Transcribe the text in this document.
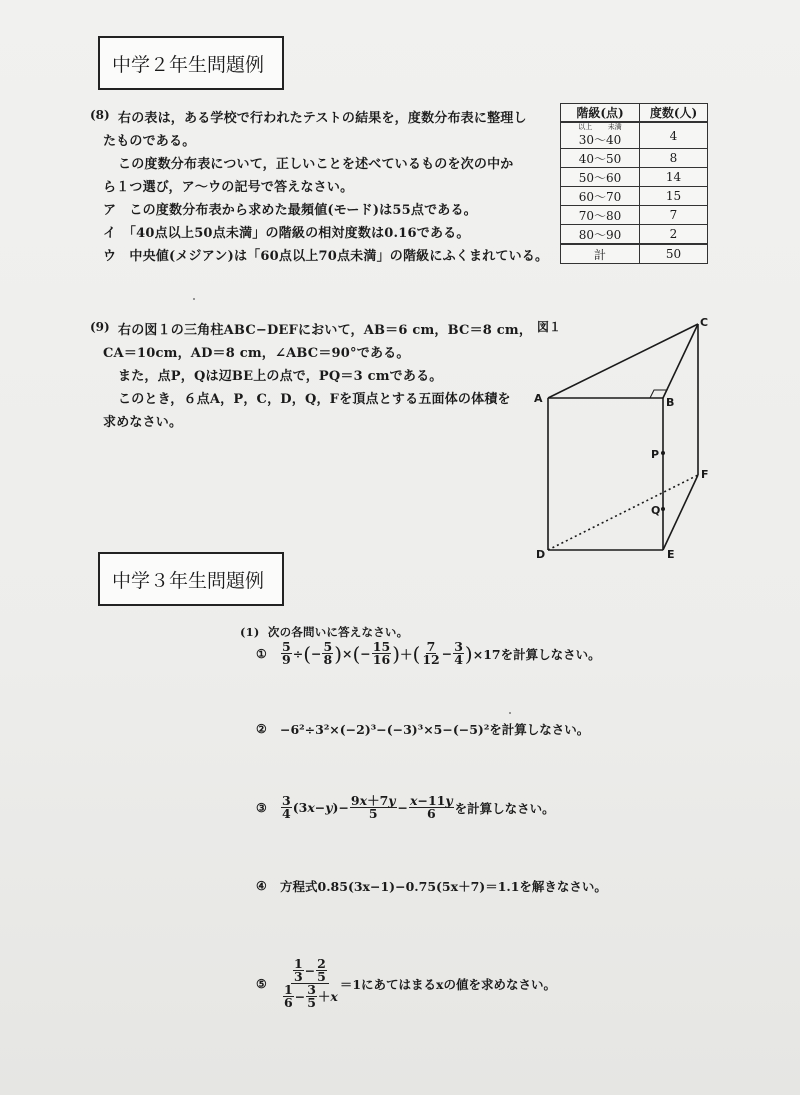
中学２年生問題例
(8) 右の表は，ある学校で行われたテストの結果を，度数分布表に整理し
たものである。
この度数分布表について，正しいことを述べているものを次の中か
ら１つ選び，ア～ウの記号で答えなさい。
ア　この度数分布表から求めた最頻値(モード)は55点である。
イ　「40点以上50点未満」の階級の相対度数は0.16である。
ウ　中央値(メジアン)は「60点以上70点未満」の階級にふくまれている。
階級(点)	度数(人)

以上 未満
30～40	4
40～50	8
50～60	14
60～70	15
70～80	7
80～90	2
計	50
(9) 右の図１の三角柱ABC−DEFにおいて，AB＝6 cm，BC＝8 cm，
CA＝10cm，AD＝8 cm，∠ABC＝90°である。
また，点P，Qは辺BE上の点で，PQ＝3 cmである。
このとき，６点A，P，C，D，Q，Fを頂点とする五面体の体積を
求めなさい。
図１
A	B
C
D	E
F
P
Q
中学３年生問題例
(1) 次の各問いに答えなさい。
①	$\frac{5}{9}$ ÷ ( − $\frac{5}{8}$ ) × ( − $\frac{15}{16}$ ) ＋ ( $\frac{7}{12} - \frac{3}{4}$ ) ×17を計算しなさい。
②	−6²÷3²×(−2)³−(−3)³×5−(−5)²を計算しなさい。
③	$\frac{3}{4} (3x-y)- \frac{9x+7y}{5} - \frac{x-11y}{6}$ を計算しなさい。
④	方程式0.85(3x−1)−0.75(5x＋7)＝1.1を解きなさい。
⑤	$\frac{\frac{1}{3} - \frac{2}{5}}{\frac{1}{6} - \frac{3}{5} +x} =1$にあてはまるxの値を求めなさい。
